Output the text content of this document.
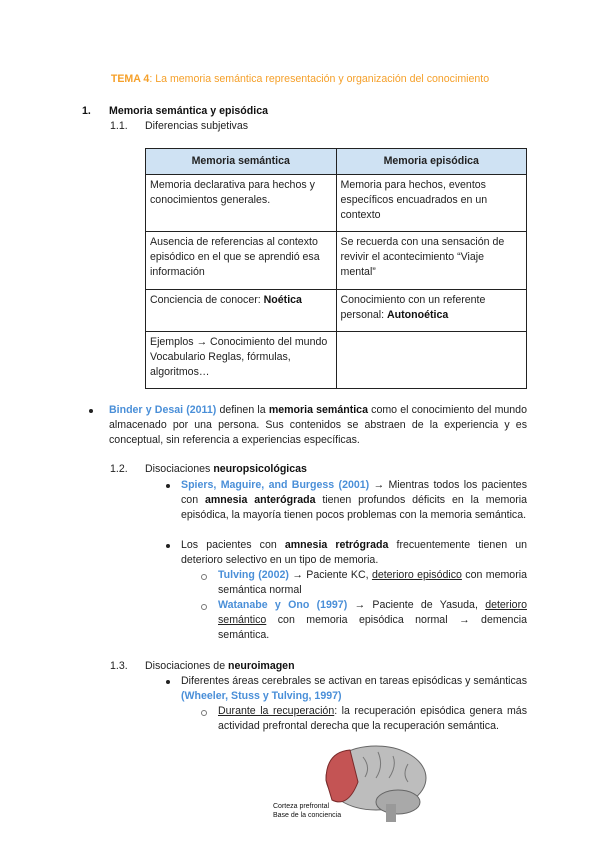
TEMA 4: La memoria semántica representación y organización del conocimiento
1. Memoria semántica y episódica
1.1. Diferencias subjetivas
Memoria semántica	Memoria episódica
Memoria declarativa para hechos y conocimientos generales.	Memoria para hechos, eventos específicos encuadrados en un contexto
Ausencia de referencias al contexto episódico en el que se aprendió esa información	Se recuerda con una sensación de revivir el acontecimiento “Viaje mental”
Conciencia de conocer: Noética	Conocimiento con un referente personal: Autonoética
Ejemplos → Conocimiento del mundo Vocabulario Reglas, fórmulas, algoritmos…	
Binder y Desai (2011) definen la memoria semántica como el conocimiento del mundo almacenado por una persona. Sus contenidos se abstraen de la experiencia y es conceptual, sin referencia a experiencias específicas.
1.2. Disociaciones neuropsicológicas
Spiers, Maguire, and Burgess (2001) → Mientras todos los pacientes con amnesia anterógrada tienen profundos déficits en la memoria episódica, la mayoría tienen pocos problemas con la memoria semántica.
Los pacientes con amnesia retrógrada frecuentemente tienen un deterioro selectivo en un tipo de memoria.
Tulving (2002) → Paciente KC, deterioro episódico con memoria semántica normal
Watanabe y Ono (1997) → Paciente de Yasuda, deterioro semántico con memoria episódica normal → demencia semántica.
1.3. Disociaciones de neuroimagen
Diferentes áreas cerebrales se activan en tareas episódicas y semánticas (Wheeler, Stuss y Tulving, 1997)
Durante la recuperación: la recuperación episódica genera más actividad prefrontal derecha que la recuperación semántica.
Corteza prefrontal
Base de la conciencia
